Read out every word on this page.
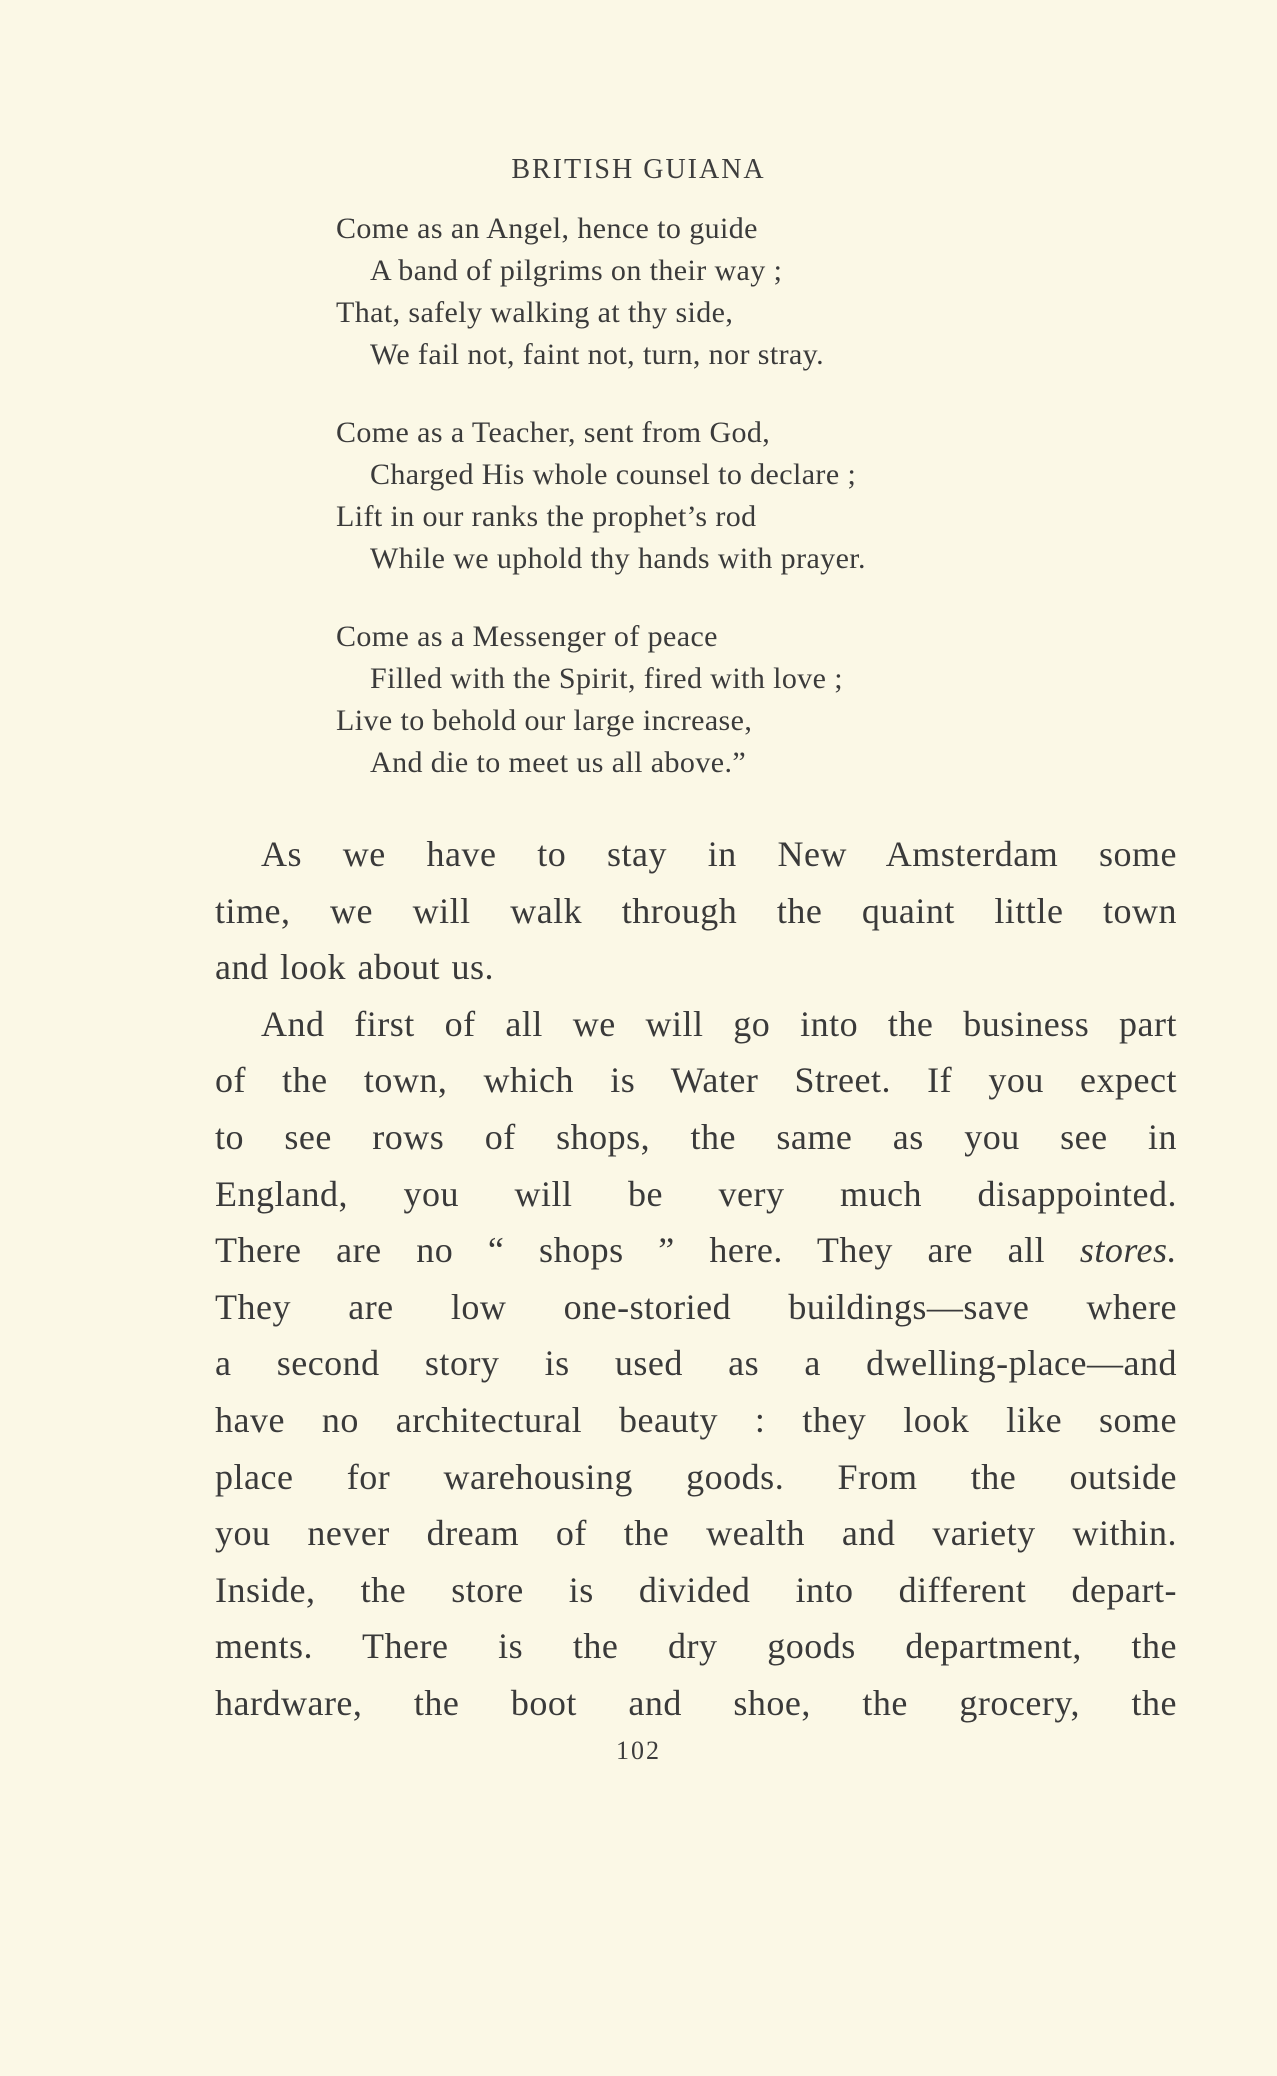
BRITISH GUIANA

Come as an Angel, hence to guide

A band of pilgrims on their way ;

That, safely walking at thy side,

We fail not, faint not, turn, nor stray.

Come as a Teacher, sent from God,

Charged His whole counsel to declare ;

Lift in our ranks the prophet’s rod

While we uphold thy hands with prayer.

Come as a Messenger of peace

Filled with the Spirit, fired with love ;

Live to behold our large increase,

And die to meet us all above.”

As we have to stay in New Amsterdam some
time, we will walk through the quaint little town
and look about us.
And first of all we will go into the business part
of the town, which is Water Street. If you expect
to see rows of shops, the same as you see in
England, you will be very much disappointed.
There are no “ shops ” here. They are all stores.
They are low one-storied buildings—save where
a second story is used as a dwelling-place—and
have no architectural beauty : they look like some
place for warehousing goods. From the outside
you never dream of the wealth and variety within.
Inside, the store is divided into different depart-
ments. There is the dry goods department, the
hardware, the boot and shoe, the grocery, the

102
